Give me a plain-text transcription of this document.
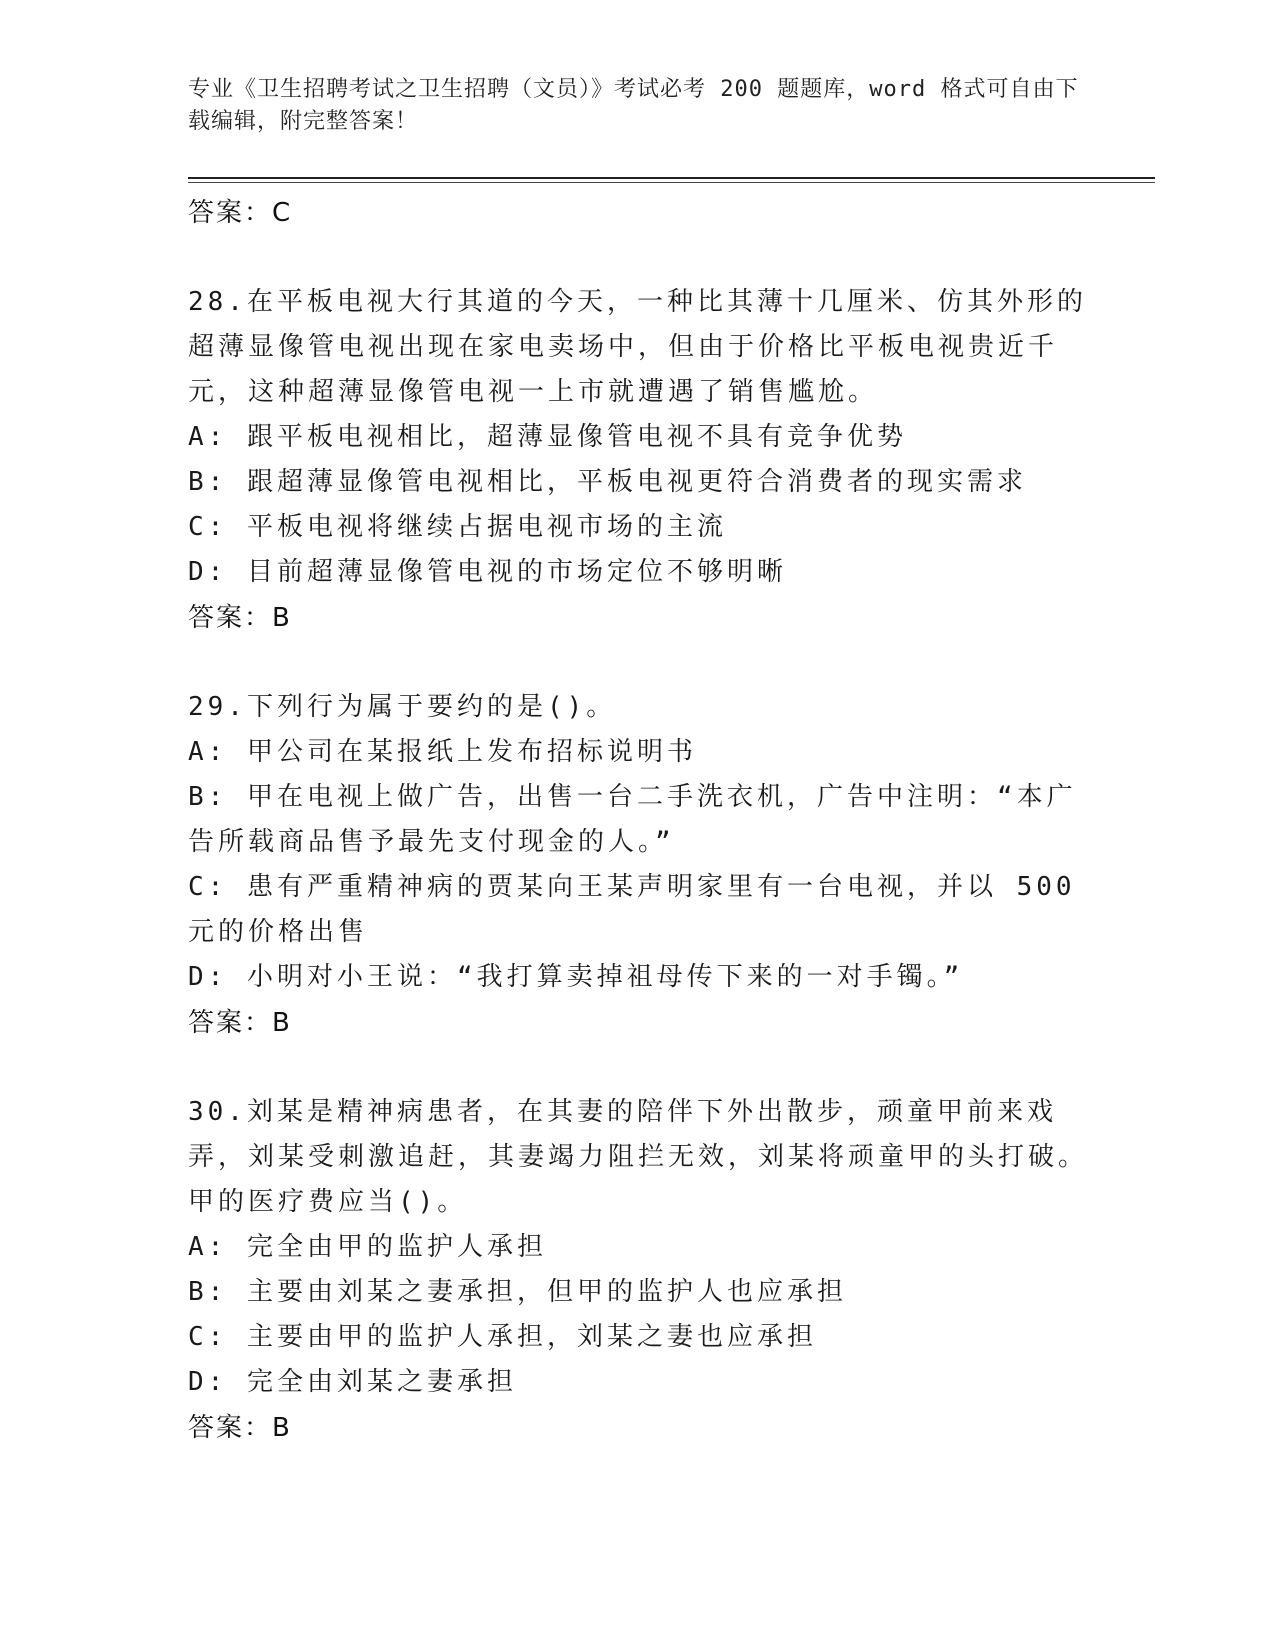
专业《卫生招聘考试之卫生招聘（文员）》考试必考 200 题题库，word 格式可自由下载编辑，附完整答案！

答案：C

28.在平板电视大行其道的今天，一种比其薄十几厘米、仿其外形的超薄显像管电视出现在家电卖场中，但由于价格比平板电视贵近千元，这种超薄显像管电视一上市就遭遇了销售尴尬。

A: 跟平板电视相比，超薄显像管电视不具有竞争优势

B: 跟超薄显像管电视相比，平板电视更符合消费者的现实需求

C: 平板电视将继续占据电视市场的主流

D: 目前超薄显像管电视的市场定位不够明晰

答案：B

29.下列行为属于要约的是()。

A: 甲公司在某报纸上发布招标说明书

B: 甲在电视上做广告，出售一台二手洗衣机，广告中注明：“本广告所载商品售予最先支付现金的人。”

C: 患有严重精神病的贾某向王某声明家里有一台电视，并以 500 元的价格出售

D: 小明对小王说：“我打算卖掉祖母传下来的一对手镯。”

答案：B

30.刘某是精神病患者，在其妻的陪伴下外出散步，顽童甲前来戏弄，刘某受刺激追赶，其妻竭力阻拦无效，刘某将顽童甲的头打破。甲的医疗费应当()。

A: 完全由甲的监护人承担

B: 主要由刘某之妻承担，但甲的监护人也应承担

C: 主要由甲的监护人承担，刘某之妻也应承担

D: 完全由刘某之妻承担

答案：B
